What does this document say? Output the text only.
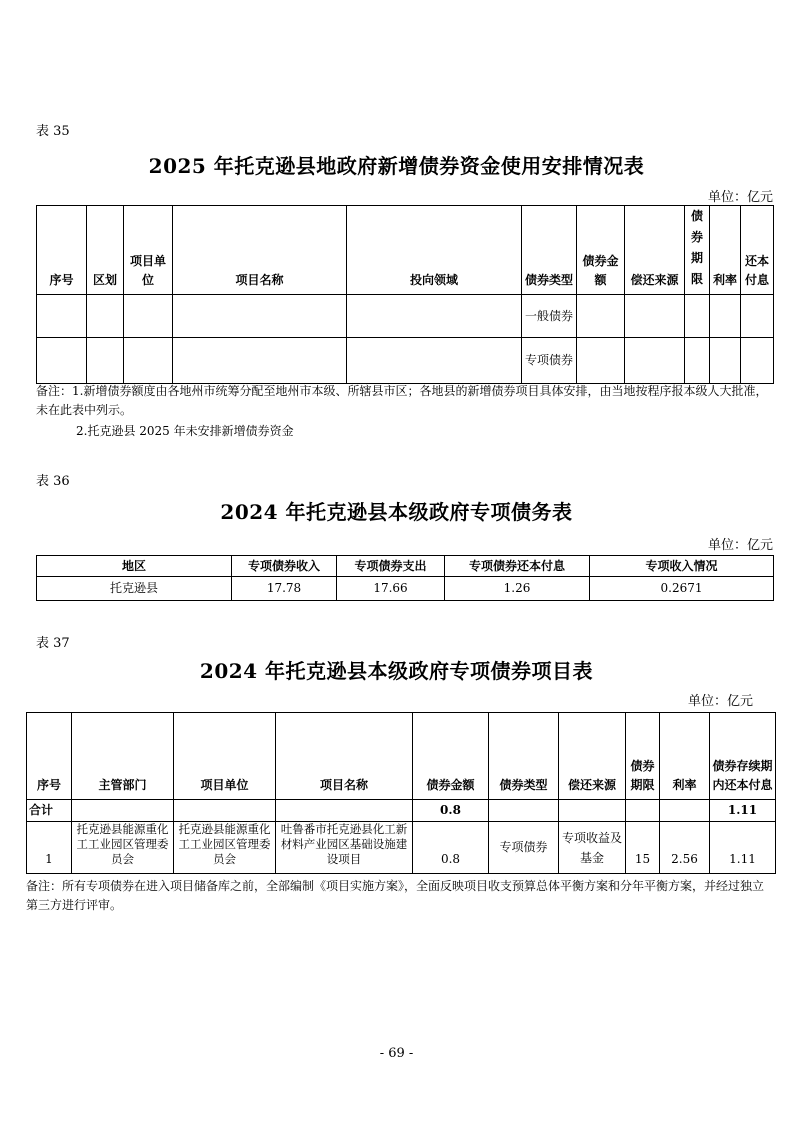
表 35
2025 年托克逊县地政府新增债券资金使用安排情况表
单位：亿元
序号	区划	项目单位	项目名称	投向领域	债券类型	债券金额	偿还来源	债券期限	利率	还本付息
					一般债券					
					专项债券					
备注：1.新增债券额度由各地州市统筹分配至地州市本级、所辖县市区；各地县的新增债券项目具体安排，由当地按程序报本级人大批准，未在此表中列示。
2.托克逊县 2025 年未安排新增债券资金
表 36
2024 年托克逊县本级政府专项债务表
单位：亿元
地区	专项债券收入	专项债券支出	专项债券还本付息	专项收入情况
托克逊县	17.78	17.66	1.26	0.2671
表 37
2024 年托克逊县本级政府专项债券项目表
单位：亿元
序号	主管部门	项目单位	项目名称	债券金额	债券类型	偿还来源	债券期限	利率	债券存续期内还本付息
合计				0.8					1.11
1	托克逊县能源重化工工业园区管理委员会	托克逊县能源重化工工业园区管理委员会	吐鲁番市托克逊县化工新材料产业园区基础设施建设项目	0.8	专项债券	专项收益及基金	15	2.56	1.11
备注：所有专项债券在进入项目储备库之前，全部编制《项目实施方案》，全面反映项目收支预算总体平衡方案和分年平衡方案，并经过独立第三方进行评审。
- 69 -
